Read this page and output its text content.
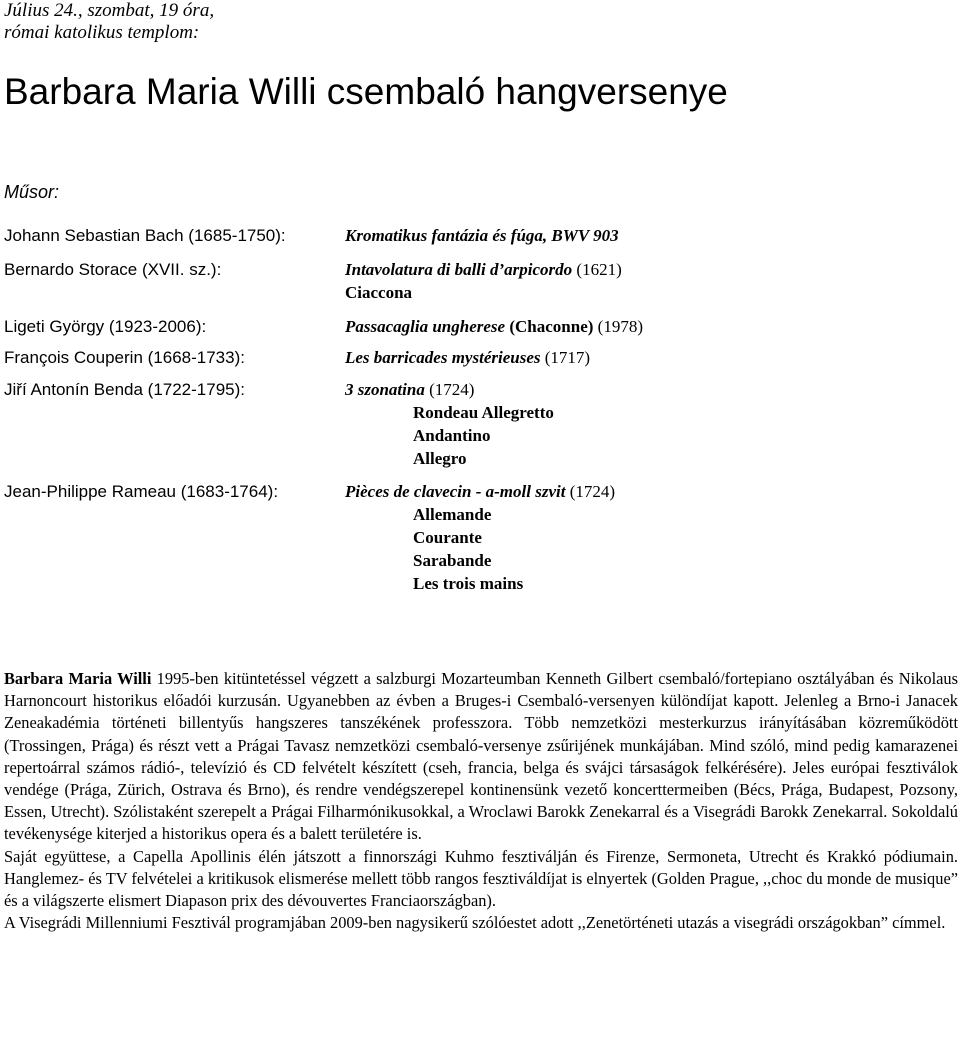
Július 24., szombat, 19 óra,
római katolikus templom:
Barbara Maria Willi csembaló hangversenye
Műsor:
Johann Sebastian Bach (1685-1750):	Kromatikus fantázia és fúga, BWV 903
Bernardo Storace (XVII. sz.):	Intavolatura di balli d’arpicordo (1621)
Ciaccona
Ligeti György (1923-2006):	Passacaglia ungherese (Chaconne) (1978)
François Couperin (1668-1733):	Les barricades mystérieuses (1717)
Jiří Antonín Benda (1722-1795):	3 szonatina (1724)
Rondeau Allegretto
Andantino
Allegro
Jean-Philippe Rameau (1683-1764):	Pièces de clavecin - a-moll szvit (1724)
Allemande
Courante
Sarabande
Les trois mains

Barbara Maria Willi 1995-ben kitüntetéssel végzett a salzburgi Mozarteumban Kenneth Gilbert csembaló/fortepiano osztályában és Nikolaus Harnoncourt historikus előadói kurzusán. Ugyanebben az évben a Bruges-i Csembaló-versenyen különdíjat kapott. Jelenleg a Brno-i Janacek Zeneakadémia történeti billentyűs hangszeres tanszékének professzora. Több nemzetközi mesterkurzus irányításában közreműködött (Trossingen, Prága) és részt vett a Prágai Tavasz nemzetközi csembaló-versenye zsűrijének munkájában. Mind szóló, mind pedig kamarazenei repertoárral számos rádió-, televízió és CD felvételt készített (cseh, francia, belga és svájci társaságok felkérésére). Jeles európai fesztiválok vendége (Prága, Zürich, Ostrava és Brno), és rendre vendégszerepel kontinensünk vezető koncerttermeiben (Bécs, Prága, Budapest, Pozsony, Essen, Utrecht). Szólistaként szerepelt a Prágai Filharmónikusokkal, a Wroclawi Barokk Zenekarral és a Visegrádi Barokk Zenekarral. Sokoldalú tevékenysége kiterjed a historikus opera és a balett területére is.

Saját együttese, a Capella Apollinis élén játszott a finnországi Kuhmo fesztiválján és Firenze, Sermoneta, Utrecht és Krakkó pódiumain. Hanglemez- és TV felvételei a kritikusok elismerése mellett több rangos fesztiváldíjat is elnyertek (Golden Prague, ,,choc du monde de musique” és a világszerte elismert Diapason prix des dévouvertes Franciaországban).

A Visegrádi Millenniumi Fesztivál programjában 2009-ben nagysikerű szólóestet adott ,,Zenetörténeti utazás a visegrádi országokban” címmel.
